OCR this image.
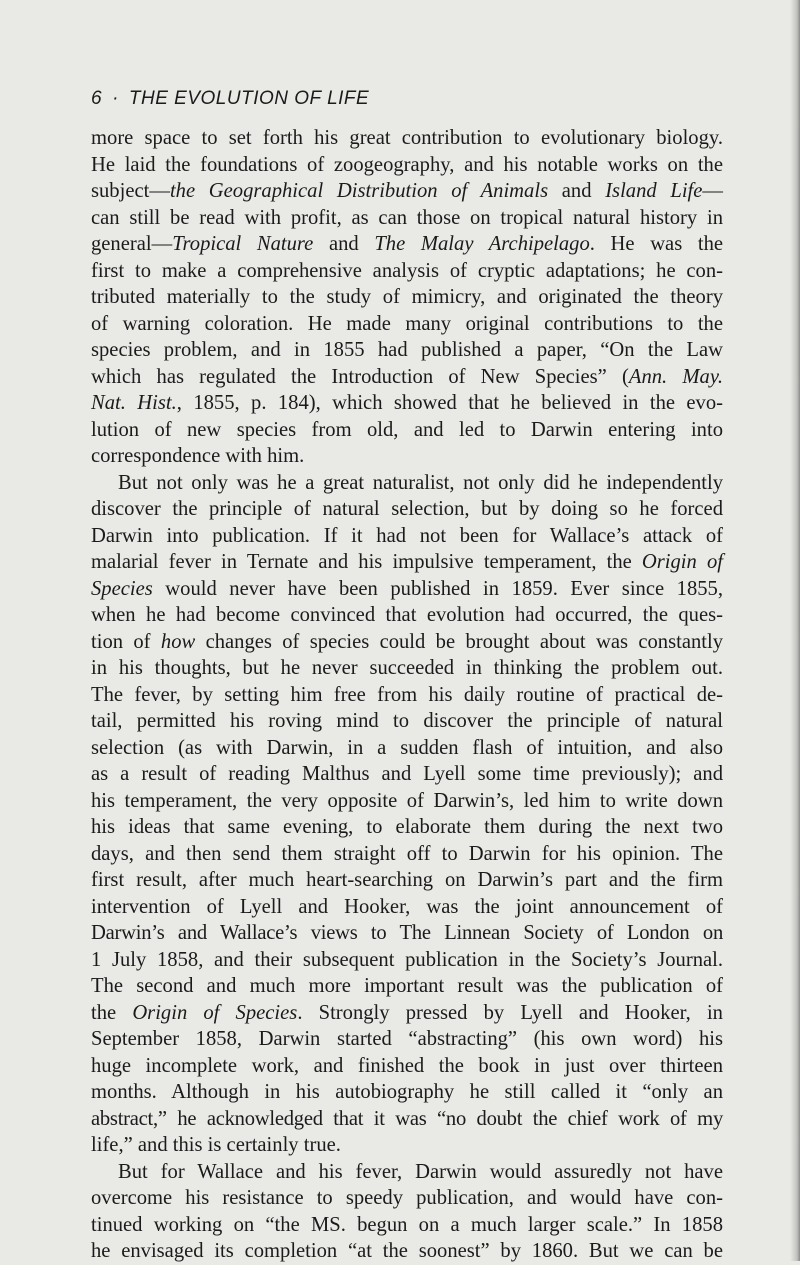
6 · THE EVOLUTION OF LIFE

more space to set forth his great contribution to evolutionary biology.

He laid the foundations of zoogeography, and his notable works on the

subject—the Geographical Distribution of Animals and Island Life—

can still be read with profit, as can those on tropical natural history in

general—Tropical Nature and The Malay Archipelago. He was the

first to make a comprehensive analysis of cryptic adaptations; he con-

tributed materially to the study of mimicry, and originated the theory

of warning coloration. He made many original contributions to the

species problem, and in 1855 had published a paper, “On the Law

which has regulated the Introduction of New Species” (Ann. May.

Nat. Hist., 1855, p. 184), which showed that he believed in the evo-

lution of new species from old, and led to Darwin entering into

correspondence with him.

But not only was he a great naturalist, not only did he independently

discover the principle of natural selection, but by doing so he forced

Darwin into publication. If it had not been for Wallace’s attack of

malarial fever in Ternate and his impulsive temperament, the Origin of

Species would never have been published in 1859. Ever since 1855,

when he had become convinced that evolution had occurred, the ques-

tion of how changes of species could be brought about was constantly

in his thoughts, but he never succeeded in thinking the problem out.

The fever, by setting him free from his daily routine of practical de-

tail, permitted his roving mind to discover the principle of natural

selection (as with Darwin, in a sudden flash of intuition, and also

as a result of reading Malthus and Lyell some time previously); and

his temperament, the very opposite of Darwin’s, led him to write down

his ideas that same evening, to elaborate them during the next two

days, and then send them straight off to Darwin for his opinion. The

first result, after much heart-searching on Darwin’s part and the firm

intervention of Lyell and Hooker, was the joint announcement of

Darwin’s and Wallace’s views to The Linnean Society of London on

1 July 1858, and their subsequent publication in the Society’s Journal.

The second and much more important result was the publication of

the Origin of Species. Strongly pressed by Lyell and Hooker, in

September 1858, Darwin started “abstracting” (his own word) his

huge incomplete work, and finished the book in just over thirteen

months. Although in his autobiography he still called it “only an

abstract,” he acknowledged that it was “no doubt the chief work of my

life,” and this is certainly true.

But for Wallace and his fever, Darwin would assuredly not have

overcome his resistance to speedy publication, and would have con-

tinued working on “the MS. begun on a much larger scale.” In 1858

he envisaged its completion “at the soonest” by 1860. But we can be
